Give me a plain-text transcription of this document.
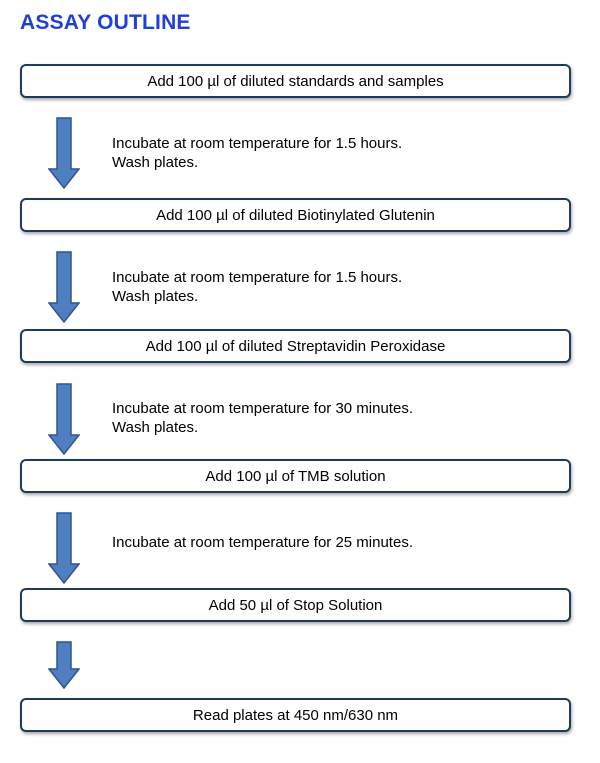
ASSAY OUTLINE
Add 100 µl of diluted standards and samples
Add 100 µl of diluted Biotinylated Glutenin
Add 100 µl of diluted Streptavidin Peroxidase
Add 100 µl of TMB solution
Add 50 µl of Stop Solution
Read plates at 450 nm/630 nm
Incubate at room temperature for 1.5 hours.
Wash plates.
Incubate at room temperature for 1.5 hours.
Wash plates.
Incubate at room temperature for 30 minutes.
Wash plates.
Incubate at room temperature for 25 minutes.
